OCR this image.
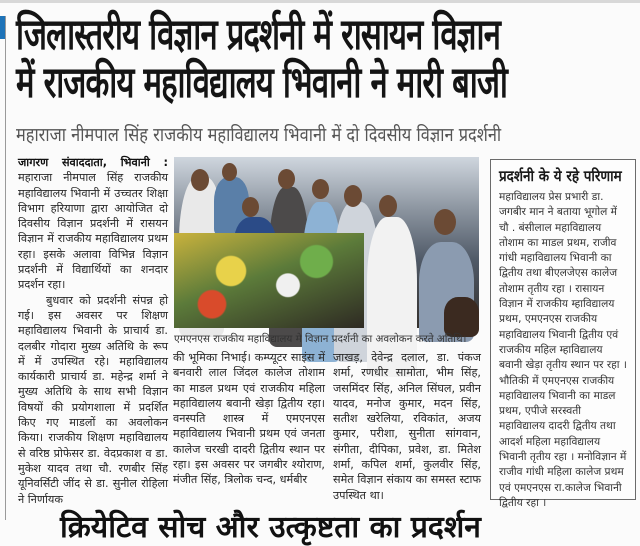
जिलास्तरीय विज्ञान प्रदर्शनी में रासायन विज्ञान
में राजकीय महाविद्यालय भिवानी ने मारी बाजी
महाराजा नीमपाल सिंह राजकीय महाविद्यालय भिवानी में दो दिवसीय विज्ञान प्रदर्शनी
जागरण संवाददाता, भिवानी : महाराजा नीमपाल सिंह राजकीय महाविद्यालय भिवानी में उच्चतर शिक्षा विभाग हरियाणा द्वारा आयोजित दो दिवसीय विज्ञान प्रदर्शनी में रासयन विज्ञान में राजकीय महाविद्यालय प्रथम रहा। इसके अलावा विभिन्न विज्ञान प्रदर्शनी में विद्यार्थियों का शनदार प्रदर्शन रहा।
बुधवार को प्रदर्शनी संपन्न हो गई। इस अवसर पर शिक्षण महाविद्यालय भिवानी के प्राचार्य डा. दलबीर गोदारा मुख्य अतिथि के रूप में में उपस्थित रहे। महाविद्यालय कार्यकारी प्राचार्य डा. महेन्द्र शर्मा ने मुख्य अतिथि के साथ सभी विज्ञान विषयों की प्रयोगशाला में प्रदर्शित किए गए माडलों का अवलोकन किया। राजकीय शिक्षण महाविद्यालय से वरिष्ठ प्रोफेसर डा. वेदप्रकाश व डा. मुकेश यादव तथा चौ. रणबीर सिंह यूनिवर्सिटी जींद से डा. सुनील रोहिला ने निर्णायक
एमएनएस राजकीय महाविद्यालय मे विज्ञान प्रदर्शनी का अवलोकन करते अतिथि।
की भूमिका निभाई। कम्प्यूटर साइंस में बनवारी लाल जिंदल कालेज तोशाम का माडल प्रथम एवं राजकीय महिला महाविद्यालय बवानी खेड़ा द्वितीय रहा। वनस्पति शास्त्र में एमएनएस महाविद्यालय भिवानी प्रथम एवं जनता कालेज चरखी दादरी द्वितीय स्थान पर रहा। इस अवसर पर जगबीर श्योराण, मंजीत सिंह, त्रिलोक चन्द, धर्मबीर
जाखड़, देवेन्द्र दलाल, डा. पंकज शर्मा, रणधीर सामोता, भीम सिंह, जसमिंदर सिंह, अनिल सिंघल, प्रवीन यादव, मनोज कुमार, मदन सिंह, सतीश खरेलिया, रविकांत, अजय कुमार, परीशा, सुनीता सांगवान, संगीता, दीपिका, प्रवेश, डा. मितेश शर्मा, कपिल शर्मा, कुलवीर सिंह, समेत विज्ञान संकाय का समस्त स्टाफ उपस्थित था।
प्रदर्शनी के ये रहे परिणाम
महाविद्यालय प्रेस प्रभारी डा. जगबीर मान ने बताया भूगोल में चौ . बंसीलाल महाविद्यालय तोशाम का माडल प्रथम, राजीव गांधी महाविद्यालय भिवानी का द्वितीय तथा बीएलजेएस कालेज तोशाम तृतीय रहा । रासायन विज्ञान में राजकीय म्हाविद्यालय प्रथम, एमएनएस राजकीय महाविद्यालय भिवानी द्वितीय एवं राजकीय महिल म्हाविद्यालय बवानी खेड़ा तृतीय स्थान पर रहा । भौतिकी में एमएनएस राजकीय महाविद्यालय भिवानी का माडल प्रथम, एपीजे सरस्वती महाविद्यालय दादरी द्वितीय तथा आदर्श महिला महाविद्यालय भिवानी तृतीय रहा । मनोविज्ञान में राजीव गांधी महिला कालेज प्रथम एवं एमएनएस रा.कालेज भिवानी द्वितीय रहा ।
क्रियेटिव सोच और उत्कृष्टता का प्रदर्शन
